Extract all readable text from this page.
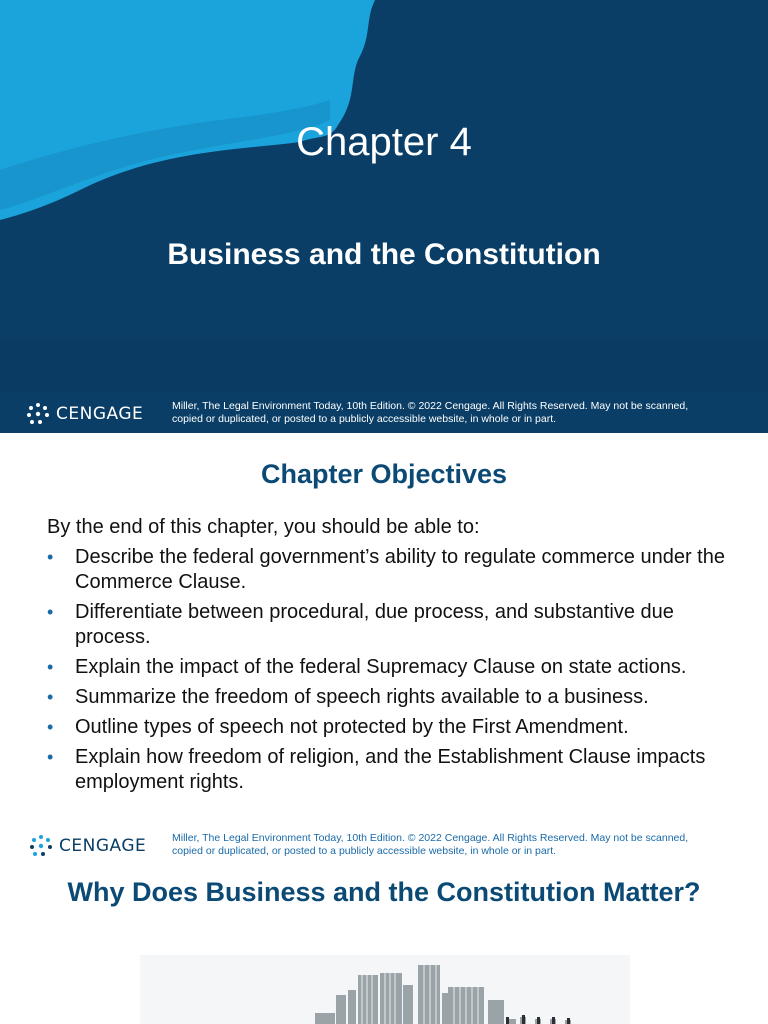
Chapter 4
Business and the Constitution
CENGAGE	Miller, The Legal Environment Today, 10th Edition. © 2022 Cengage. All Rights Reserved. May not be scanned,
copied or duplicated, or posted to a publicly accessible website, in whole or in part.
Chapter Objectives
By the end of this chapter, you should be able to:
• Describe the federal government’s ability to regulate commerce under the Commerce Clause.
• Differentiate between procedural, due process, and substantive due process.
• Explain the impact of the federal Supremacy Clause on state actions.
• Summarize the freedom of speech rights available to a business.
• Outline types of speech not protected by the First Amendment.
• Explain how freedom of religion, and the Establishment Clause impacts employment rights.
CENGAGE Miller, The Legal Environment Today, 10th Edition. © 2022 Cengage. All Rights Reserved. May not be scanned,
copied or duplicated, or posted to a publicly accessible website, in whole or in part.
Why Does Business and the Constitution Matter?
